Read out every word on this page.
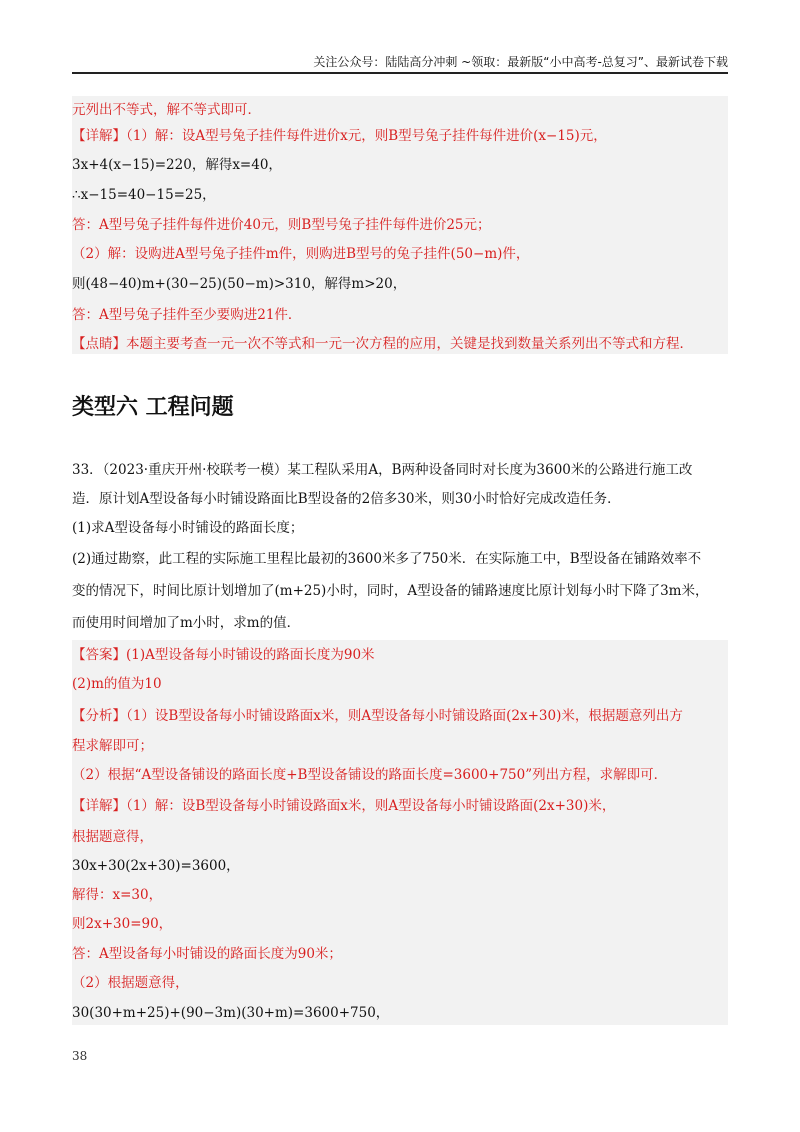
关注公众号：陆陆高分冲刺 ~领取：最新版“小中高考-总复习”、最新试卷下载
元列出不等式，解不等式即可．
【详解】（1）解：设A型号兔子挂件每件进价x元，则B型号兔子挂件每件进价(x−15)元，
3x+4(x−15)=220，解得x=40，
∴x−15=40−15=25，
答：A型号兔子挂件每件进价40元，则B型号兔子挂件每件进价25元；
（2）解：设购进A型号兔子挂件m件，则购进B型号的兔子挂件(50−m)件，
则(48−40)m+(30−25)(50−m)>310，解得m>20，
答：A型号兔子挂件至少要购进21件．
【点睛】本题主要考查一元一次不等式和一元一次方程的应用，关键是找到数量关系列出不等式和方程．
类型六 工程问题
33．（2023·重庆开州·校联考一模）某工程队采用A，B两种设备同时对长度为3600米的公路进行施工改
造．原计划A型设备每小时铺设路面比B型设备的2倍多30米，则30小时恰好完成改造任务．
(1)求A型设备每小时铺设的路面长度；
(2)通过勘察，此工程的实际施工里程比最初的3600米多了750米．在实际施工中，B型设备在铺路效率不
变的情况下，时间比原计划增加了(m+25)小时，同时，A型设备的铺路速度比原计划每小时下降了3m米，
而使用时间增加了m小时，求m的值．
【答案】(1)A型设备每小时铺设的路面长度为90米
(2)m的值为10
【分析】（1）设B型设备每小时铺设路面x米，则A型设备每小时铺设路面(2x+30)米，根据题意列出方
程求解即可；
（2）根据“A型设备铺设的路面长度+B型设备铺设的路面长度=3600+750”列出方程，求解即可．
【详解】（1）解：设B型设备每小时铺设路面x米，则A型设备每小时铺设路面(2x+30)米，
根据题意得，
30x+30(2x+30)=3600，
解得：x=30，
则2x+30=90，
答：A型设备每小时铺设的路面长度为90米；
（2）根据题意得，
30(30+m+25)+(90−3m)(30+m)=3600+750，
38
